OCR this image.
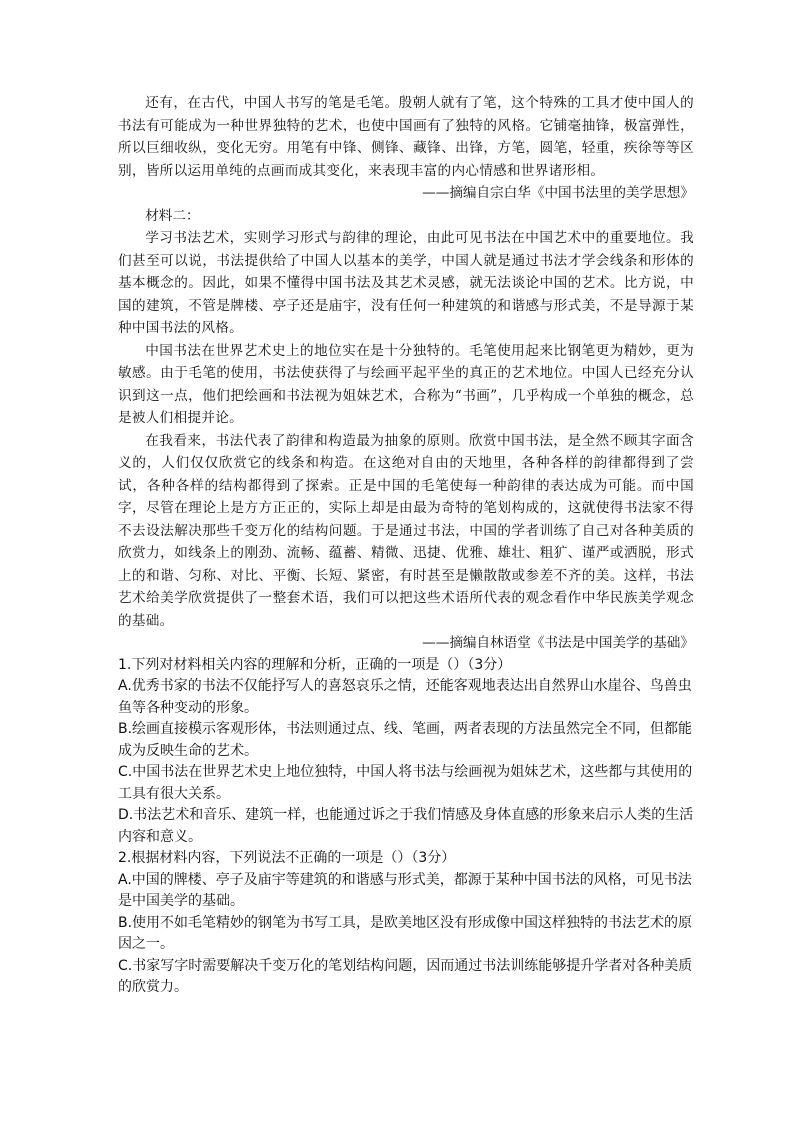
还有，在古代，中国人书写的笔是毛笔。殷朝人就有了笔，这个特殊的工具才使中国人的书法有可能成为一种世界独特的艺术，也使中国画有了独特的风格。它铺毫抽锋，极富弹性，所以巨细收纵，变化无穷。用笔有中锋、侧锋、藏锋、出锋，方笔，圆笔，轻重，疾徐等等区别，皆所以运用单纯的点画而成其变化，来表现丰富的内心情感和世界诸形相。

——摘编自宗白华《中国书法里的美学思想》

材料二：

学习书法艺术，实则学习形式与韵律的理论，由此可见书法在中国艺术中的重要地位。我们甚至可以说，书法提供给了中国人以基本的美学，中国人就是通过书法才学会线条和形体的基本概念的。因此，如果不懂得中国书法及其艺术灵感，就无法谈论中国的艺术。比方说，中国的建筑，不管是牌楼、亭子还是庙宇，没有任何一种建筑的和谐感与形式美，不是导源于某种中国书法的风格。

中国书法在世界艺术史上的地位实在是十分独特的。毛笔使用起来比钢笔更为精妙，更为敏感。由于毛笔的使用，书法使获得了与绘画平起平坐的真正的艺术地位。中国人已经充分认识到这一点，他们把绘画和书法视为姐妹艺术，合称为“书画”，几乎构成一个单独的概念，总是被人们相提并论。

在我看来，书法代表了韵律和构造最为抽象的原则。欣赏中国书法，是全然不顾其字面含义的，人们仅仅欣赏它的线条和构造。在这绝对自由的天地里，各种各样的韵律都得到了尝试，各种各样的结构都得到了探索。正是中国的毛笔使每一种韵律的表达成为可能。而中国字，尽管在理论上是方方正正的，实际上却是由最为奇特的笔划构成的，这就使得书法家不得不去设法解决那些千变万化的结构问题。于是通过书法，中国的学者训练了自己对各种美质的欣赏力，如线条上的刚劲、流畅、蕴蓄、精微、迅捷、优雅、雄壮、粗犷、谨严或洒脱，形式上的和谐、匀称、对比、平衡、长短、紧密，有时甚至是懒散散或参差不齐的美。这样，书法艺术给美学欣赏提供了一整套术语，我们可以把这些术语所代表的观念看作中华民族美学观念的基础。

——摘编自林语堂《书法是中国美学的基础》

1.下列对材料相关内容的理解和分析，正确的一项是（）（3分）

A.优秀书家的书法不仅能抒写人的喜怒哀乐之情，还能客观地表达出自然界山水崖谷、鸟兽虫鱼等各种变动的形象。

B.绘画直接模示客观形体，书法则通过点、线、笔画，两者表现的方法虽然完全不同，但都能成为反映生命的艺术。

C.中国书法在世界艺术史上地位独特，中国人将书法与绘画视为姐妹艺术，这些都与其使用的工具有很大关系。

D.书法艺术和音乐、建筑一样，也能通过诉之于我们情感及身体直感的形象来启示人类的生活内容和意义。

2.根据材料内容，下列说法不正确的一项是（）（3分）

A.中国的牌楼、亭子及庙宇等建筑的和谐感与形式美，都源于某种中国书法的风格，可见书法是中国美学的基础。

B.使用不如毛笔精妙的钢笔为书写工具，是欧美地区没有形成像中国这样独特的书法艺术的原因之一。

C.书家写字时需要解决千变万化的笔划结构问题，因而通过书法训练能够提升学者对各种美质的欣赏力。
